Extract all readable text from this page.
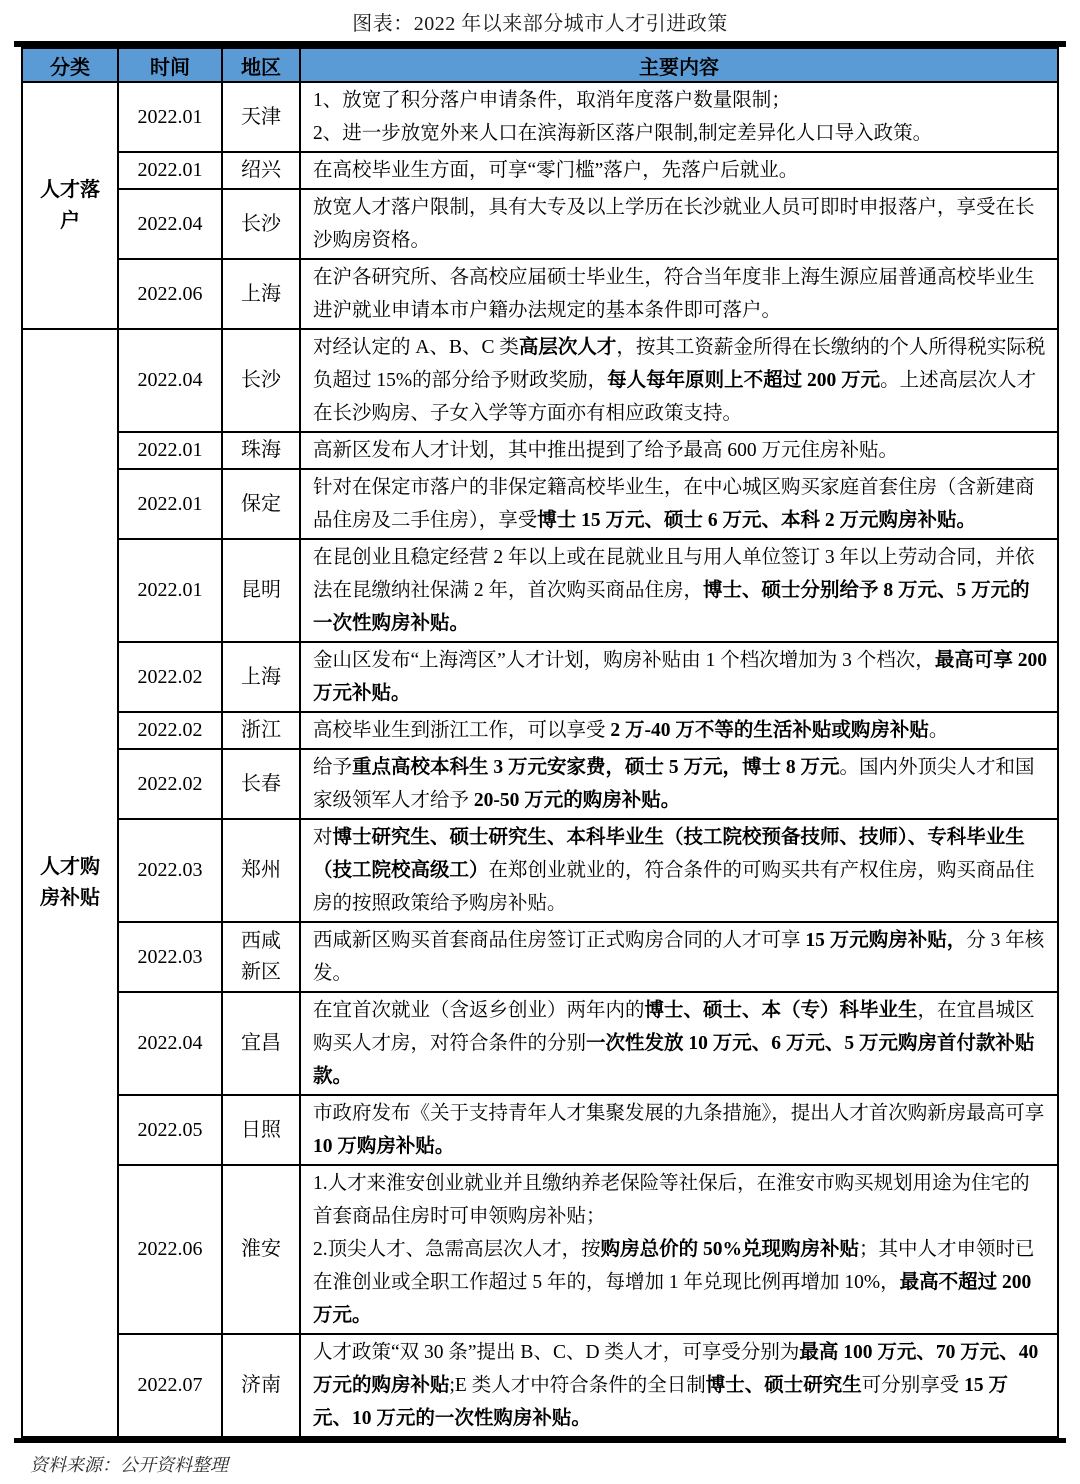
图表：2022 年以来部分城市人才引进政策
分类	时间	地区	主要内容
人才落户	2022.01	天津	1、放宽了积分落户申请条件，取消年度落户数量限制；
2、进一步放宽外来人口在滨海新区落户限制,制定差异化人口导入政策。

	2022.01	绍兴	在高校毕业生方面，可享“零门槛”落户，先落户后就业。

	2022.04	长沙	放宽人才落户限制，具有大专及以上学历在长沙就业人员可即时申报落户，享受在长沙购房资格。

	2022.06	上海	在沪各研究所、各高校应届硕士毕业生，符合当年度非上海生源应届普通高校毕业生进沪就业申请本市户籍办法规定的基本条件即可落户。

人才购房补贴	2022.04	长沙	对经认定的 A、B、C 类高层次人才，按其工资薪金所得在长缴纳的个人所得税实际税负超过 15%的部分给予财政奖励，每人每年原则上不超过 200 万元。上述高层次人才在长沙购房、子女入学等方面亦有相应政策支持。

	2022.01	珠海	高新区发布人才计划，其中推出提到了给予最高 600 万元住房补贴。

	2022.01	保定	针对在保定市落户的非保定籍高校毕业生，在中心城区购买家庭首套住房（含新建商品住房及二手住房），享受博士 15 万元、硕士 6 万元、本科 2 万元购房补贴。

	2022.01	昆明	在昆创业且稳定经营 2 年以上或在昆就业且与用人单位签订 3 年以上劳动合同，并依法在昆缴纳社保满 2 年，首次购买商品住房，博士、硕士分别给予 8 万元、5 万元的一次性购房补贴。

	2022.02	上海	金山区发布“上海湾区”人才计划，购房补贴由 1 个档次增加为 3 个档次，最高可享 200 万元补贴。

	2022.02	浙江	高校毕业生到浙江工作，可以享受 2 万-40 万不等的生活补贴或购房补贴。

	2022.02	长春	给予重点高校本科生 3 万元安家费，硕士 5 万元，博士 8 万元。国内外顶尖人才和国家级领军人才给予 20-50 万元的购房补贴。

	2022.03	郑州	对博士研究生、硕士研究生、本科毕业生（技工院校预备技师、技师）、专科毕业生（技工院校高级工）在郑创业就业的，符合条件的可购买共有产权住房，购买商品住房的按照政策给予购房补贴。

	2022.03	西咸新区	西咸新区购买首套商品住房签订正式购房合同的人才可享 15 万元购房补贴，分 3 年核发。

	2022.04	宜昌	在宜首次就业（含返乡创业）两年内的博士、硕士、本（专）科毕业生，在宜昌城区购买人才房，对符合条件的分别一次性发放 10 万元、6 万元、5 万元购房首付款补贴款。

	2022.05	日照	市政府发布《关于支持青年人才集聚发展的九条措施》，提出人才首次购新房最高可享 10 万购房补贴。

	2022.06	淮安	1.人才来淮安创业就业并且缴纳养老保险等社保后，在淮安市购买规划用途为住宅的首套商品住房时可申领购房补贴；
2.顶尖人才、急需高层次人才，按购房总价的 50%兑现购房补贴；其中人才申领时已在淮创业或全职工作超过 5 年的，每增加 1 年兑现比例再增加 10%，最高不超过 200 万元。

	2022.07	济南	人才政策“双 30 条”提出 B、C、D 类人才，可享受分别为最高 100 万元、70 万元、40 万元的购房补贴;E 类人才中符合条件的全日制博士、硕士研究生可分别享受 15 万元、10 万元的一次性购房补贴。
资料来源：公开资料整理
